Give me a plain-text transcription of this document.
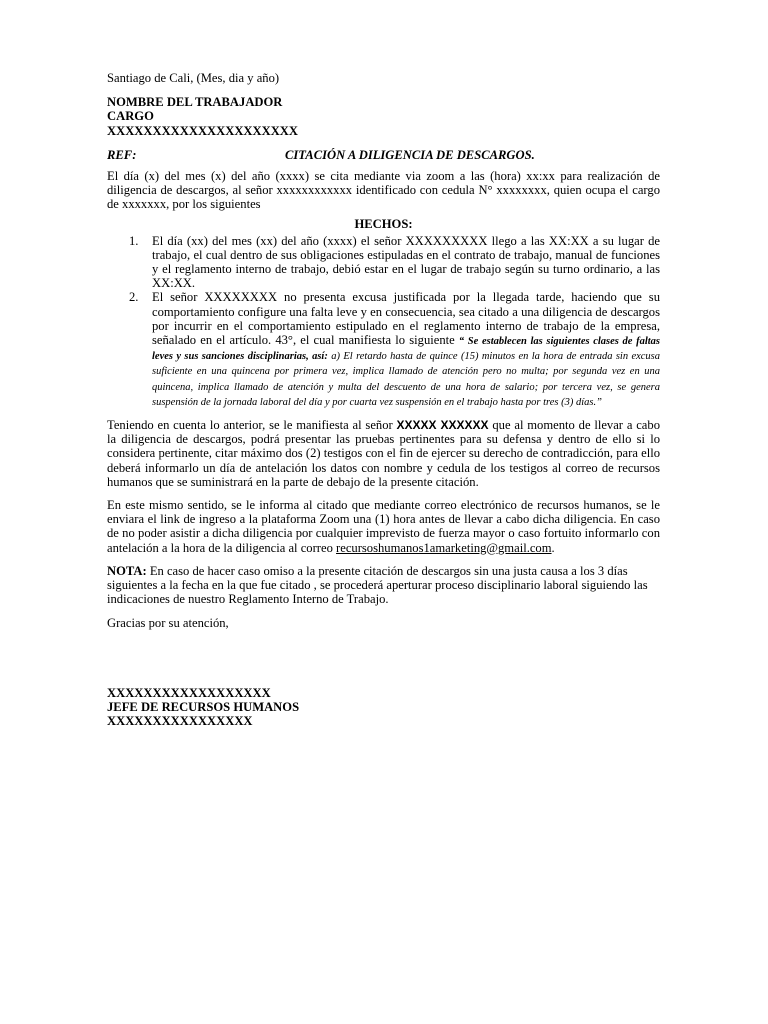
Santiago de Cali, (Mes, dia y año)

NOMBRE DEL TRABAJADOR
CARGO
XXXXXXXXXXXXXXXXXXXXX
REF:	CITACIÓN A DILIGENCIA DE DESCARGOS.

El día (x) del mes (x) del año (xxxx) se cita mediante via zoom a las (hora) xx:xx para realización de diligencia de descargos, al señor xxxxxxxxxxxx identificado con cedula N° xxxxxxxx, quien ocupa el cargo de xxxxxxx, por los siguientes

HECHOS:
1. El día (xx) del mes (xx) del año (xxxx) el señor XXXXXXXXX llego a las XX:XX a su lugar de trabajo, el cual dentro de sus obligaciones estipuladas en el contrato de trabajo, manual de funciones y el reglamento interno de trabajo, debió estar en el lugar de trabajo según su turno ordinario, a las XX:XX.
2. El señor XXXXXXXX no presenta excusa justificada por la llegada tarde, haciendo que su comportamiento configure una falta leve y en consecuencia, sea citado a una diligencia de descargos por incurrir en el comportamiento estipulado en el reglamento interno de trabajo de la empresa, señalado en el artículo. 43°, el cual manifiesta lo siguiente “ Se establecen las siguientes clases de faltas leves y sus sanciones disciplinarias, así: a) El retardo hasta de quince (15) minutos en la hora de entrada sin excusa suficiente en una quincena por primera vez, implica llamado de atención pero no multa; por segunda vez en una quincena, implica llamado de atención y multa del descuento de una hora de salario; por tercera vez, se genera suspensión de la jornada laboral del día y por cuarta vez suspensión en el trabajo hasta por tres (3) días.”

Teniendo en cuenta lo anterior, se le manifiesta al señor XXXXX XXXXXX que al momento de llevar a cabo la diligencia de descargos, podrá presentar las pruebas pertinentes para su defensa y dentro de ello si lo considera pertinente, citar máximo dos (2) testigos con el fin de ejercer su derecho de contradicción, para ello deberá informarlo un día de antelación los datos con nombre y cedula de los testigos al correo de recursos humanos que se suministrará en la parte de debajo de la presente citación.

En este mismo sentido, se le informa al citado que mediante correo electrónico de recursos humanos, se le enviara el link de ingreso a la plataforma Zoom una (1) hora antes de llevar a cabo dicha diligencia. En caso de no poder asistir a dicha diligencia por cualquier imprevisto de fuerza mayor o caso fortuito informarlo con antelación a la hora de la diligencia al correo recursoshumanos1amarketing@gmail.com.

NOTA: En caso de hacer caso omiso a la presente citación de descargos sin una justa causa a los 3 días siguientes a la fecha en la que fue citado , se procederá aperturar proceso disciplinario laboral siguiendo las indicaciones de nuestro Reglamento Interno de Trabajo.

Gracias por su atención,

XXXXXXXXXXXXXXXXXX
JEFE DE RECURSOS HUMANOS
XXXXXXXXXXXXXXXX
